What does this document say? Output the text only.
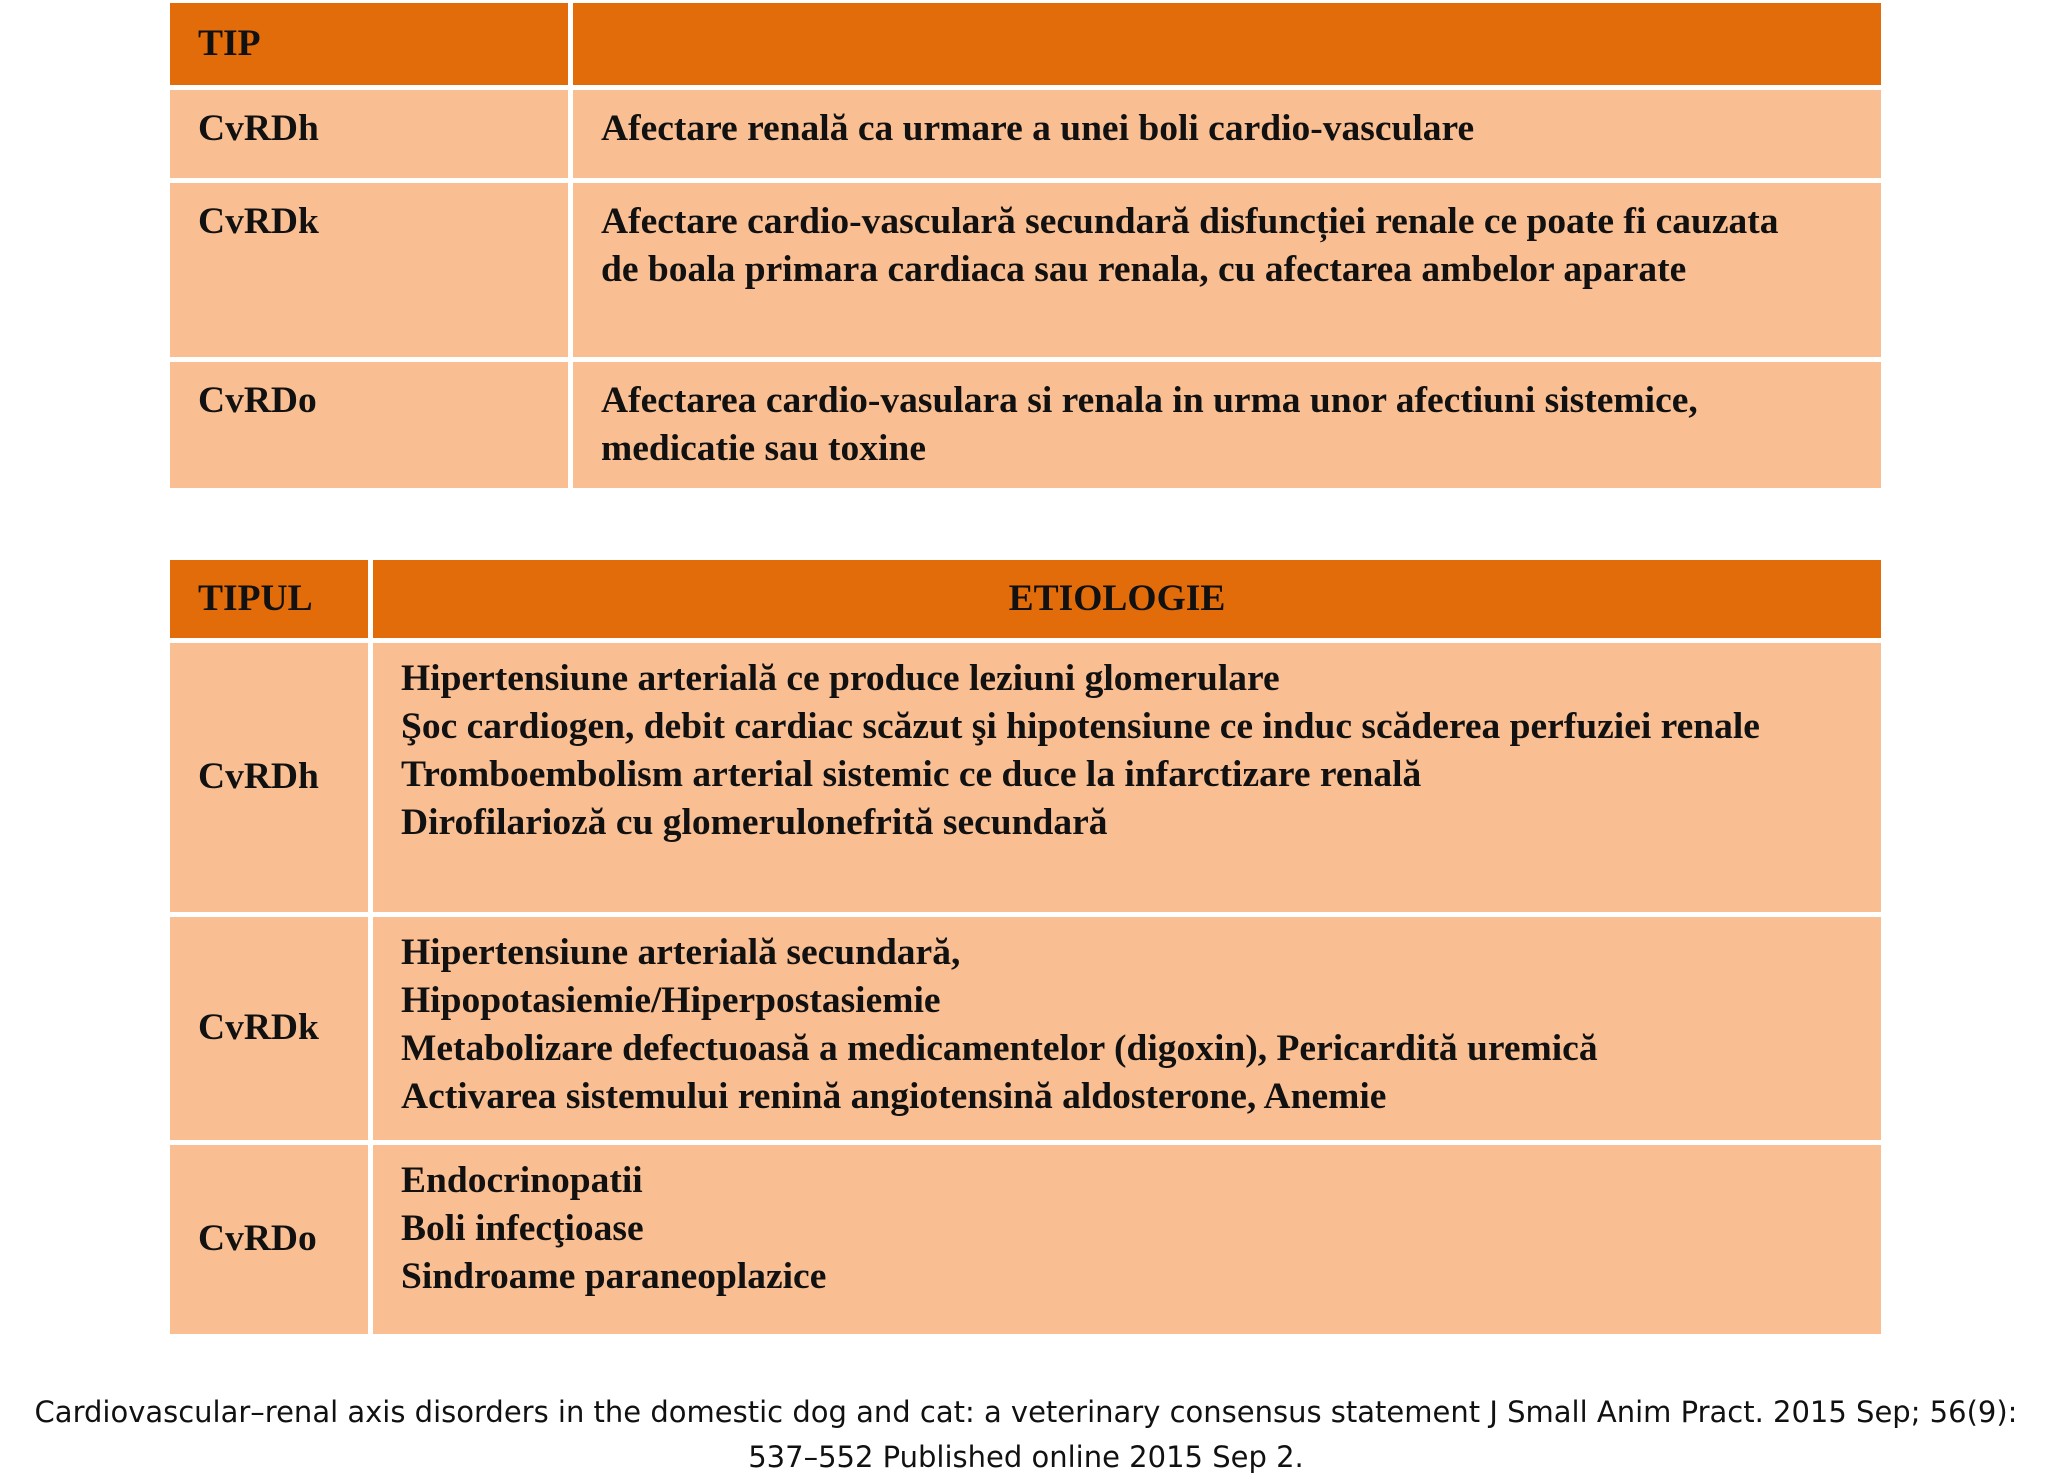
TIP	
CvRDh	Afectare renală ca urmare a unei boli cardio-vasculare
CvRDk	Afectare cardio-vasculară secundară disfuncției renale ce poate fi cauzata
de boala primara cardiaca sau renala, cu afectarea ambelor aparate
CvRDo	Afectarea cardio-vasulara si renala in urma unor afectiuni sistemice,
medicatie sau toxine
TIPUL	ETIOLOGIE
CvRDh	Hipertensiune arterială ce produce leziuni glomerulare
Şoc cardiogen, debit cardiac scăzut şi hipotensiune ce induc scăderea perfuziei renale
Tromboembolism arterial sistemic ce duce la infarctizare renală
Dirofilarioză cu glomerulonefrită secundară
CvRDk	Hipertensiune arterială secundară,
Hipopotasiemie/Hiperpostasiemie
Metabolizare defectuoasă a medicamentelor (digoxin), Pericardită uremică
Activarea sistemului renină angiotensină aldosterone, Anemie
CvRDo	Endocrinopatii
Boli infecţioase
Sindroame paraneoplazice
Cardiovascular–renal axis disorders in the domestic dog and cat: a veterinary consensus statement J Small Anim Pract. 2015 Sep; 56(9):
537–552 Published online 2015 Sep 2.
